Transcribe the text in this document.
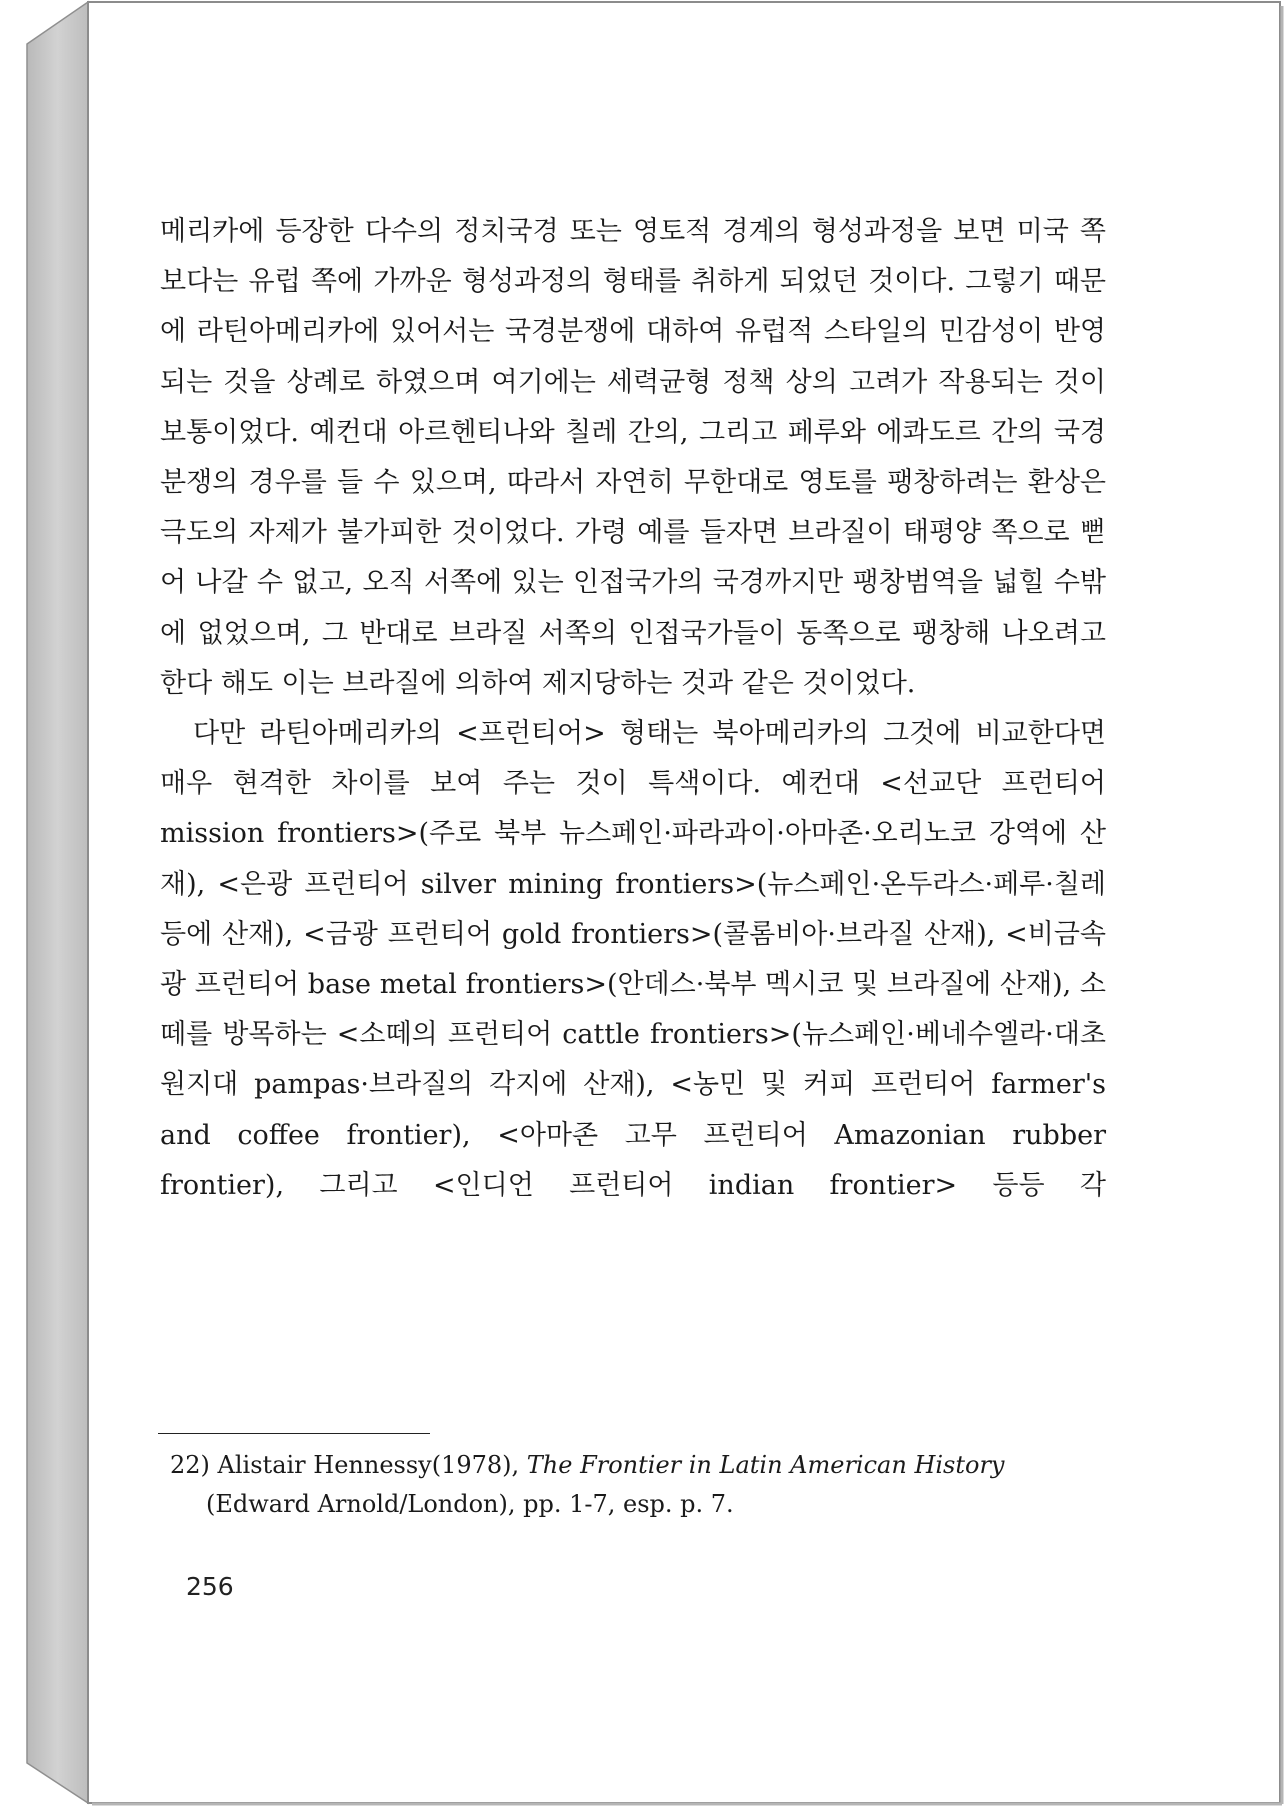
메리카에 등장한 다수의 정치국경 또는 영토적 경계의 형성과정을 보면 미국 쪽보다는 유럽 쪽에 가까운 형성과정의 형태를 취하게 되었던 것이다. 그렇기 때문에 라틴아메리카에 있어서는 국경분쟁에 대하여 유럽적 스타일의 민감성이 반영되는 것을 상례로 하였으며 여기에는 세력균형 정책 상의 고려가 작용되는 것이 보통이었다. 예컨대 아르헨티나와 칠레 간의, 그리고 페루와 에콰도르 간의 국경분쟁의 경우를 들 수 있으며, 따라서 자연히 무한대로 영토를 팽창하려는 환상은 극도의 자제가 불가피한 것이었다. 가령 예를 들자면 브라질이 태평양 쪽으로 뻗어 나갈 수 없고, 오직 서쪽에 있는 인접국가의 국경까지만 팽창범역을 넓힐 수밖에 없었으며, 그 반대로 브라질 서쪽의 인접국가들이 동쪽으로 팽창해 나오려고 한다 해도 이는 브라질에 의하여 제지당하는 것과 같은 것이었다.

다만 라틴아메리카의 <프런티어> 형태는 북아메리카의 그것에 비교한다면 매우 현격한 차이를 보여 주는 것이 특색이다. 예컨대 <선교단 프런티어 mission frontiers>(주로 북부 뉴스페인·파라과이·아마존·오리노코 강역에 산재), <은광 프런티어 silver mining frontiers>(뉴스페인·온두라스·페루·칠레 등에 산재), <금광 프런티어 gold frontiers>(콜롬비아·브라질 산재), <비금속광 프런티어 base metal frontiers>(안데스·북부 멕시코 및 브라질에 산재), 소떼를 방목하는 <소떼의 프런티어 cattle frontiers>(뉴스페인·베네수엘라·대초원지대 pampas·브라질의 각지에 산재), <농민 및 커피 프런티어 farmer's and coffee frontier), <아마존 고무 프런티어 Amazonian rubber frontier), 그리고 <인디언 프런티어 indian frontier> 등등 각

22) Alistair Hennessy(1978), The Frontier in Latin American History
(Edward Arnold/London), pp. 1-7, esp. p. 7.
256
